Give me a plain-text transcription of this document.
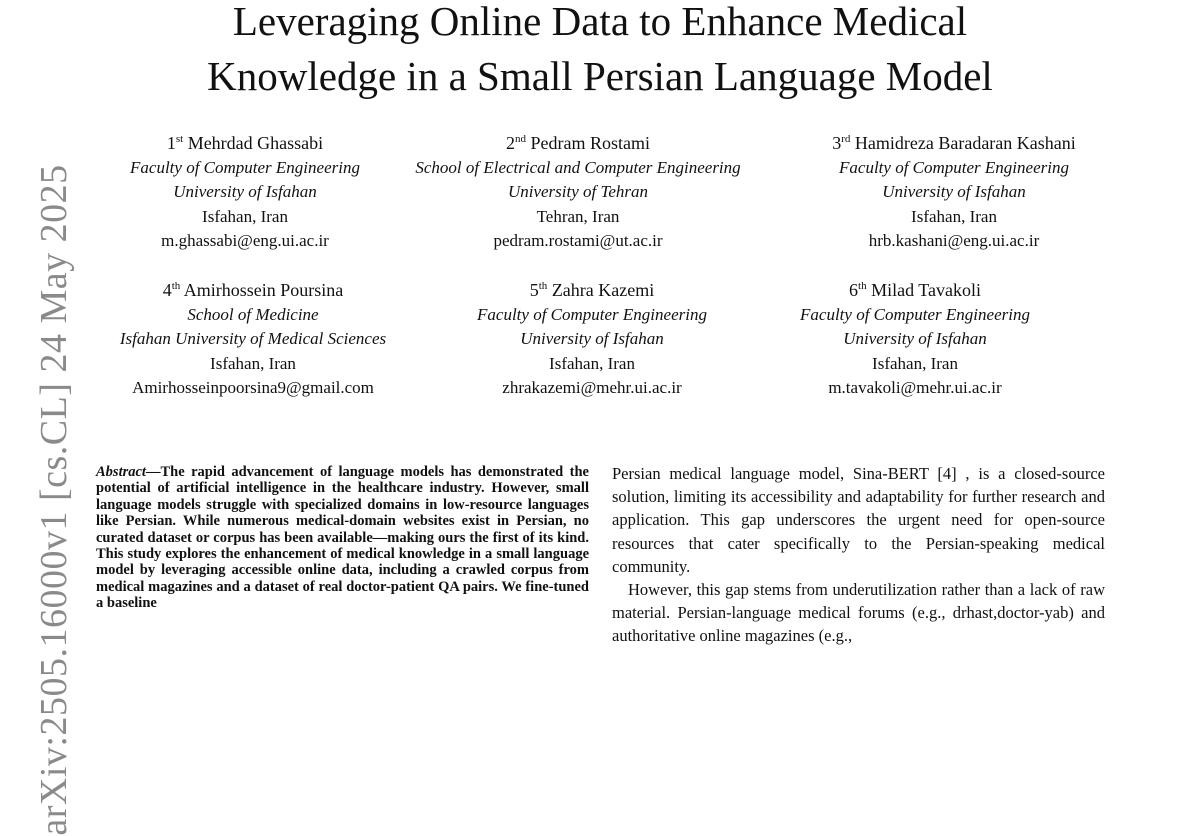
Leveraging Online Data to Enhance Medical
Knowledge in a Small Persian Language Model
1st Mehrdad Ghassabi
Faculty of Computer Engineering
University of Isfahan
Isfahan, Iran
m.ghassabi@eng.ui.ac.ir
2nd Pedram Rostami
School of Electrical and Computer Engineering
University of Tehran
Tehran, Iran
pedram.rostami@ut.ac.ir
3rd Hamidreza Baradaran Kashani
Faculty of Computer Engineering
University of Isfahan
Isfahan, Iran
hrb.kashani@eng.ui.ac.ir
4th Amirhossein Poursina
School of Medicine
Isfahan University of Medical Sciences
Isfahan, Iran
Amirhosseinpoorsina9@gmail.com
5th Zahra Kazemi
Faculty of Computer Engineering
University of Isfahan
Isfahan, Iran
zhrakazemi@mehr.ui.ac.ir
6th Milad Tavakoli
Faculty of Computer Engineering
University of Isfahan
Isfahan, Iran
m.tavakoli@mehr.ui.ac.ir
arXiv:2505.16000v1 [cs.CL] 24 May 2025 Abstract—The rapid advancement of language models has demonstrated the potential of artificial intelligence in the healthcare industry. However, small language models struggle with specialized domains in low-resource languages like Persian. While numerous medical-domain websites exist in Persian, no curated dataset or corpus has been available—making ours the first of its kind. This study explores the enhancement of medical knowledge in a small language model by leveraging accessible online data, including a crawled corpus from medical magazines and a dataset of real doctor-patient QA pairs. We fine-tuned a baseline

Persian medical language model, Sina-BERT [4] , is a closed-source solution, limiting its accessibility and adaptability for further research and application. This gap underscores the urgent need for open-source resources that cater specifically to the Persian-speaking medical community.

However, this gap stems from underutilization rather than a lack of raw material. Persian-language medical forums (e.g., drhast,doctor-yab) and authoritative online magazines (e.g.,
